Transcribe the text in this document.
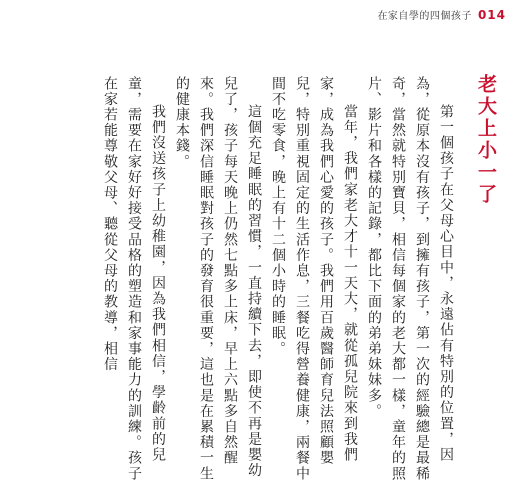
在家自學的四個孩子 014
老大上小一了

第一個孩子在父母心目中，永遠佔有特別的位置，因為，從原本沒有孩子，到擁有孩子，第一次的經驗總是最稀奇，當然就特別寶貝，相信每個家的老大都一樣，童年的照片、影片和各樣的記錄，都比下面的弟弟妹妹多。

當年，我們家老大才十一天大，就從孤兒院來到我們家，成為我們心愛的孩子。我們用百歲醫師育兒法照顧嬰兒，特別重視固定的生活作息，三餐吃得營養健康，兩餐中間不吃零食，晚上有十二個小時的睡眠。

這個充足睡眠的習慣，一直持續下去，即使不再是嬰幼兒了，孩子每天晚上仍然七點多上床，早上六點多自然醒來。我們深信睡眠對孩子的發育很重要，這也是在累積一生的健康本錢。

我們沒送孩子上幼稚園，因為我們相信，學齡前的兒童，需要在家好好接受品格的塑造和家事能力的訓練。孩子在家若能尊敬父母、聽從父母的教導，相信
